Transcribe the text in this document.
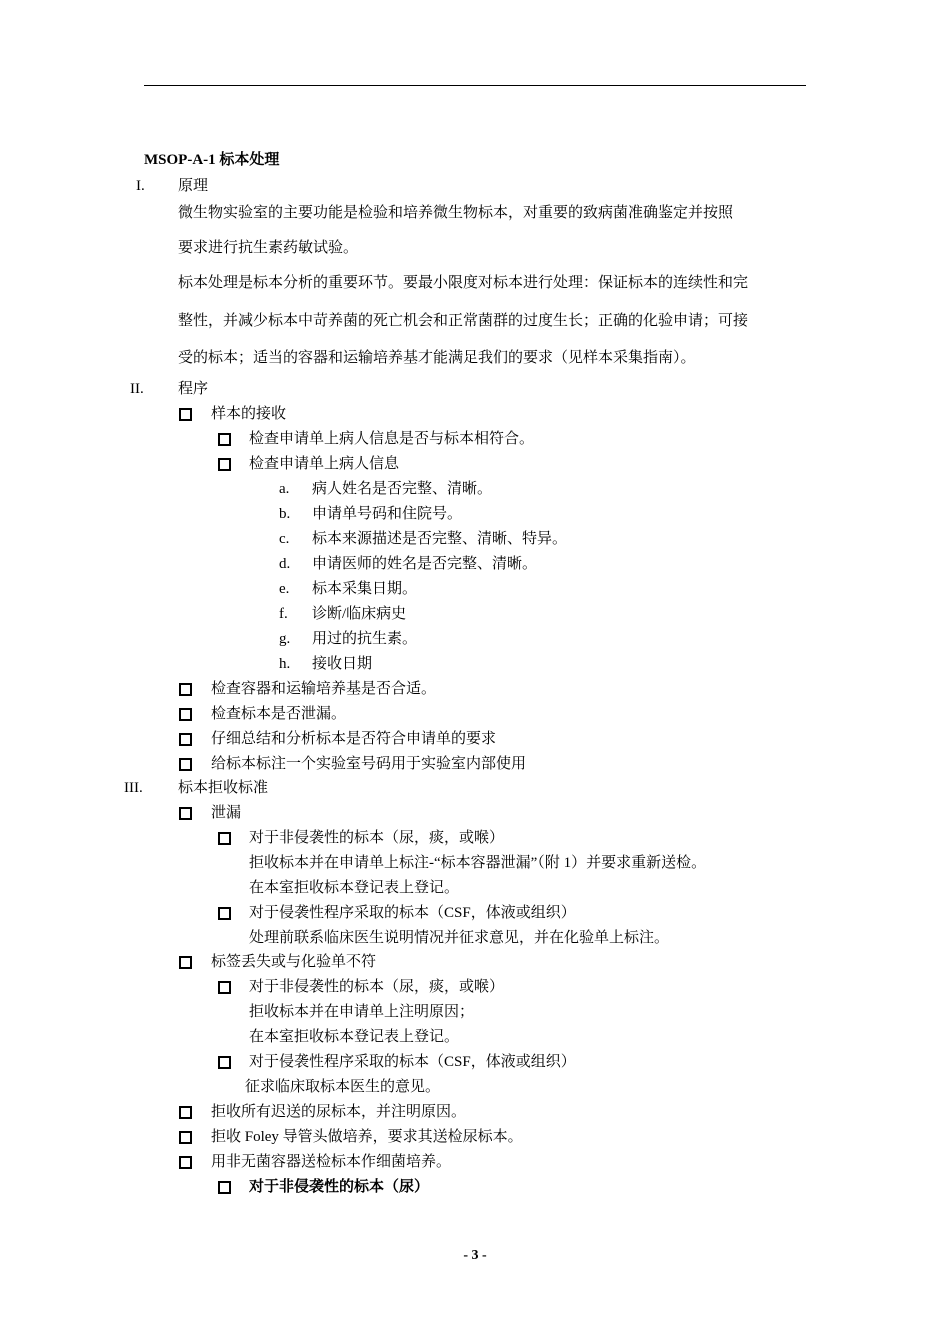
MSOP-A-1 标本处理
I. 原理
微生物实验室的主要功能是检验和培养微生物标本，对重要的致病菌准确鉴定并按照
要求进行抗生素药敏试验。
标本处理是标本分析的重要环节。要最小限度对标本进行处理：保证标本的连续性和完
整性，并减少标本中苛养菌的死亡机会和正常菌群的过度生长；正确的化验申请；可接
受的标本；适当的容器和运输培养基才能满足我们的要求（见样本采集指南）。
II. 程序
样本的接收
检查申请单上病人信息是否与标本相符合。
检查申请单上病人信息
a. 病人姓名是否完整、清晰。
b. 申请单号码和住院号。
c. 标本来源描述是否完整、清晰、特异。
d. 申请医师的姓名是否完整、清晰。
e. 标本采集日期。
f. 诊断/临床病史
g. 用过的抗生素。
h. 接收日期
检查容器和运输培养基是否合适。
检查标本是否泄漏。
仔细总结和分析标本是否符合申请单的要求
给标本标注一个实验室号码用于实验室内部使用
III. 标本拒收标准
泄漏
对于非侵袭性的标本（尿，痰，或喉）
拒收标本并在申请单上标注-“标本容器泄漏”（附 1）并要求重新送检。
在本室拒收标本登记表上登记。
对于侵袭性程序采取的标本（CSF，体液或组织）
处理前联系临床医生说明情况并征求意见，并在化验单上标注。
标签丢失或与化验单不符
对于非侵袭性的标本（尿，痰，或喉）
拒收标本并在申请单上注明原因；
在本室拒收标本登记表上登记。
对于侵袭性程序采取的标本（CSF，体液或组织）
征求临床取标本医生的意见。
拒收所有迟送的尿标本，并注明原因。
拒收 Foley 导管头做培养，要求其送检尿标本。
用非无菌容器送检标本作细菌培养。
对于非侵袭性的标本（尿）
- 3 -
